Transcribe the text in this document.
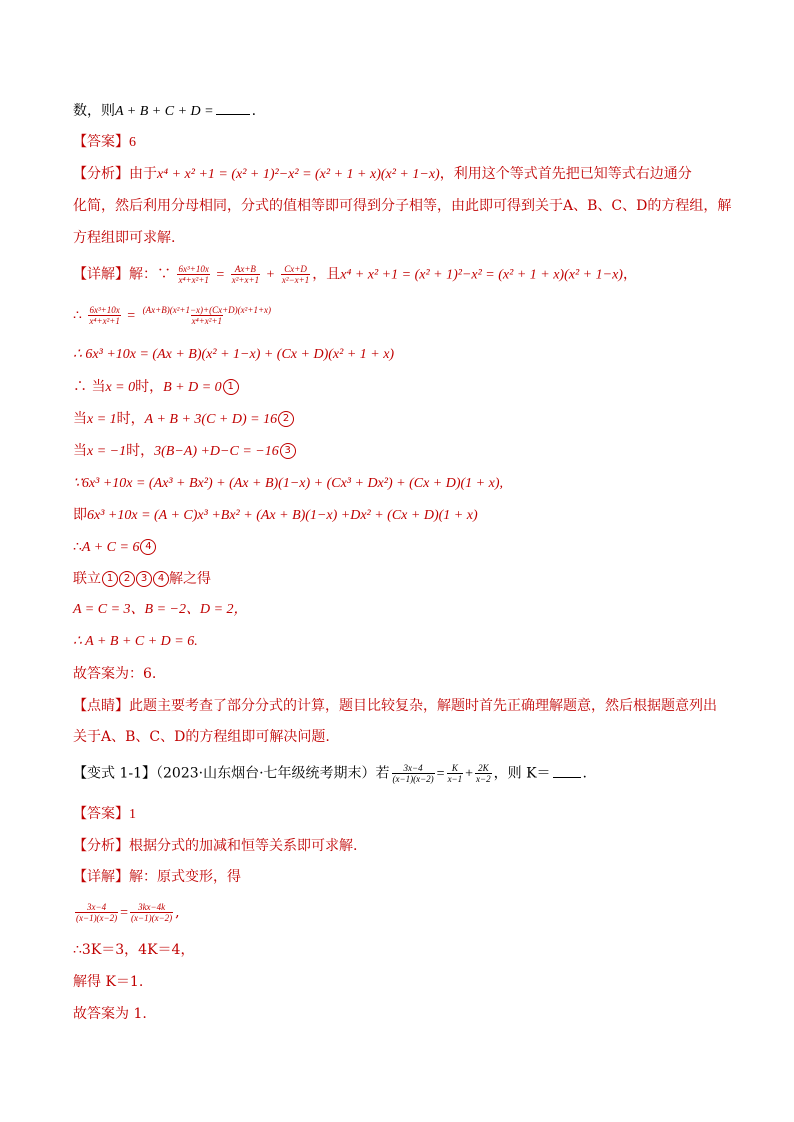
数，则A + B + C + D =	.
【答案】6
【分析】由于x⁴ + x² +1 = (x² + 1)²−x² = (x² + 1 + x)(x² + 1−x)，利用这个等式首先把已知等式右边通分
化简，然后利用分母相同，分式的值相等即可得到分子相等，由此即可得到关于A、B、C、D的方程组，解
方程组即可求解.
【详解】解：∵ $\frac{\text{6x³+10x}}{\text{x⁴+x²+1}} = \frac{Ax+B}{\text{x²+x+1}} + \frac{Cx+D}{\text{x²−x+1}}$ ，且x⁴ + x² +1 = (x² + 1)²−x² = (x² + 1 + x)(x² + 1−x)，
∴ $\frac{\text{6x³+10x}}{\text{x⁴+x²+1}} = \frac{\text{(Ax+B)(x²+1−x)+(Cx+D)(x²+1+x)}}{\text{x⁴+x²+1}}$
∴ 6x³ +10x = (Ax + B)(x² + 1−x) + (Cx + D)(x² + 1 + x)
∴ 当x = 0时，B + D = 0 1
当x = 1时，A + B + 3(C + D) = 16 2
当x = −1时，3(B−A) +D−C = −16 3
∵6x³ +10x = (Ax³ + Bx²) + (Ax + B)(1−x) + (Cx³ + Dx²) + (Cx + D)(1 + x),
即6x³ +10x = (A + C)x³ +Bx² + (Ax + B)(1−x) +Dx² + (Cx + D)(1 + x)
∴A + C = 6 4
联立 1 2 3 4 解之得
A = C = 3、B = −2、D = 2，
∴ A + B + C + D = 6.
故答案为：6.
【点睛】此题主要考查了部分分式的计算，题目比较复杂，解题时首先正确理解题意，然后根据题意列出
关于A、B、C、D的方程组即可解决问题.
【变式 1-1】（2023·山东烟台·七年级统考期末）若 $\frac{3x-4}{(x-1)(x-2)} = \frac{K}{x-1} + \frac{2K}{x-2}$ ，则 K＝ .
【答案】1
【分析】根据分式的加减和恒等关系即可求解.
【详解】解：原式变形，得
$\frac{3x-4}{(x-1)(x-2)} = \frac{3kx-4k}{(x-1)(x-2)}$ ,
∴3K＝3，4K＝4，
解得 K＝1.
故答案为 1.
